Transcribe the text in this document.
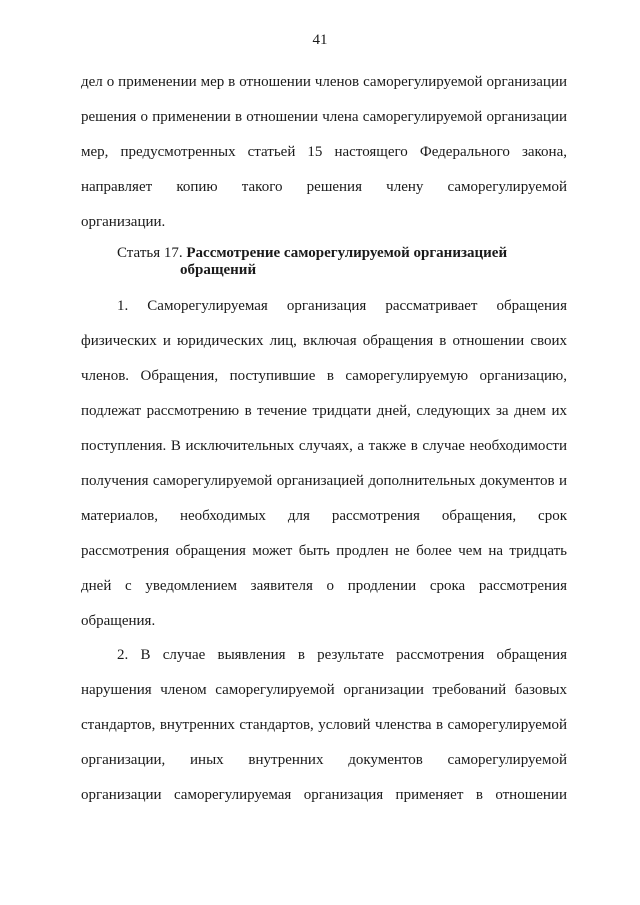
41
дел о применении мер в отношении членов саморегулируемой организации
решения о применении в отношении члена саморегулируемой организации
мер, предусмотренных статьей 15 настоящего Федерального закона,
направляет копию такого решения члену саморегулируемой
организации.
Статья 17. Рассмотрение саморегулируемой организацией
обращений
1. Саморегулируемая организация рассматривает обращения
физических и юридических лиц, включая обращения в отношении своих
членов. Обращения, поступившие в саморегулируемую организацию,
подлежат рассмотрению в течение тридцати дней, следующих за днем их
поступления. В исключительных случаях, а также в случае необходимости
получения саморегулируемой организацией дополнительных документов и
материалов, необходимых для рассмотрения обращения, срок
рассмотрения обращения может быть продлен не более чем на тридцать
дней с уведомлением заявителя о продлении срока рассмотрения
обращения.
2. В случае выявления в результате рассмотрения обращения
нарушения членом саморегулируемой организации требований базовых
стандартов, внутренних стандартов, условий членства в саморегулируемой
организации, иных внутренних документов саморегулируемой
организации саморегулируемая организация применяет в отношении
